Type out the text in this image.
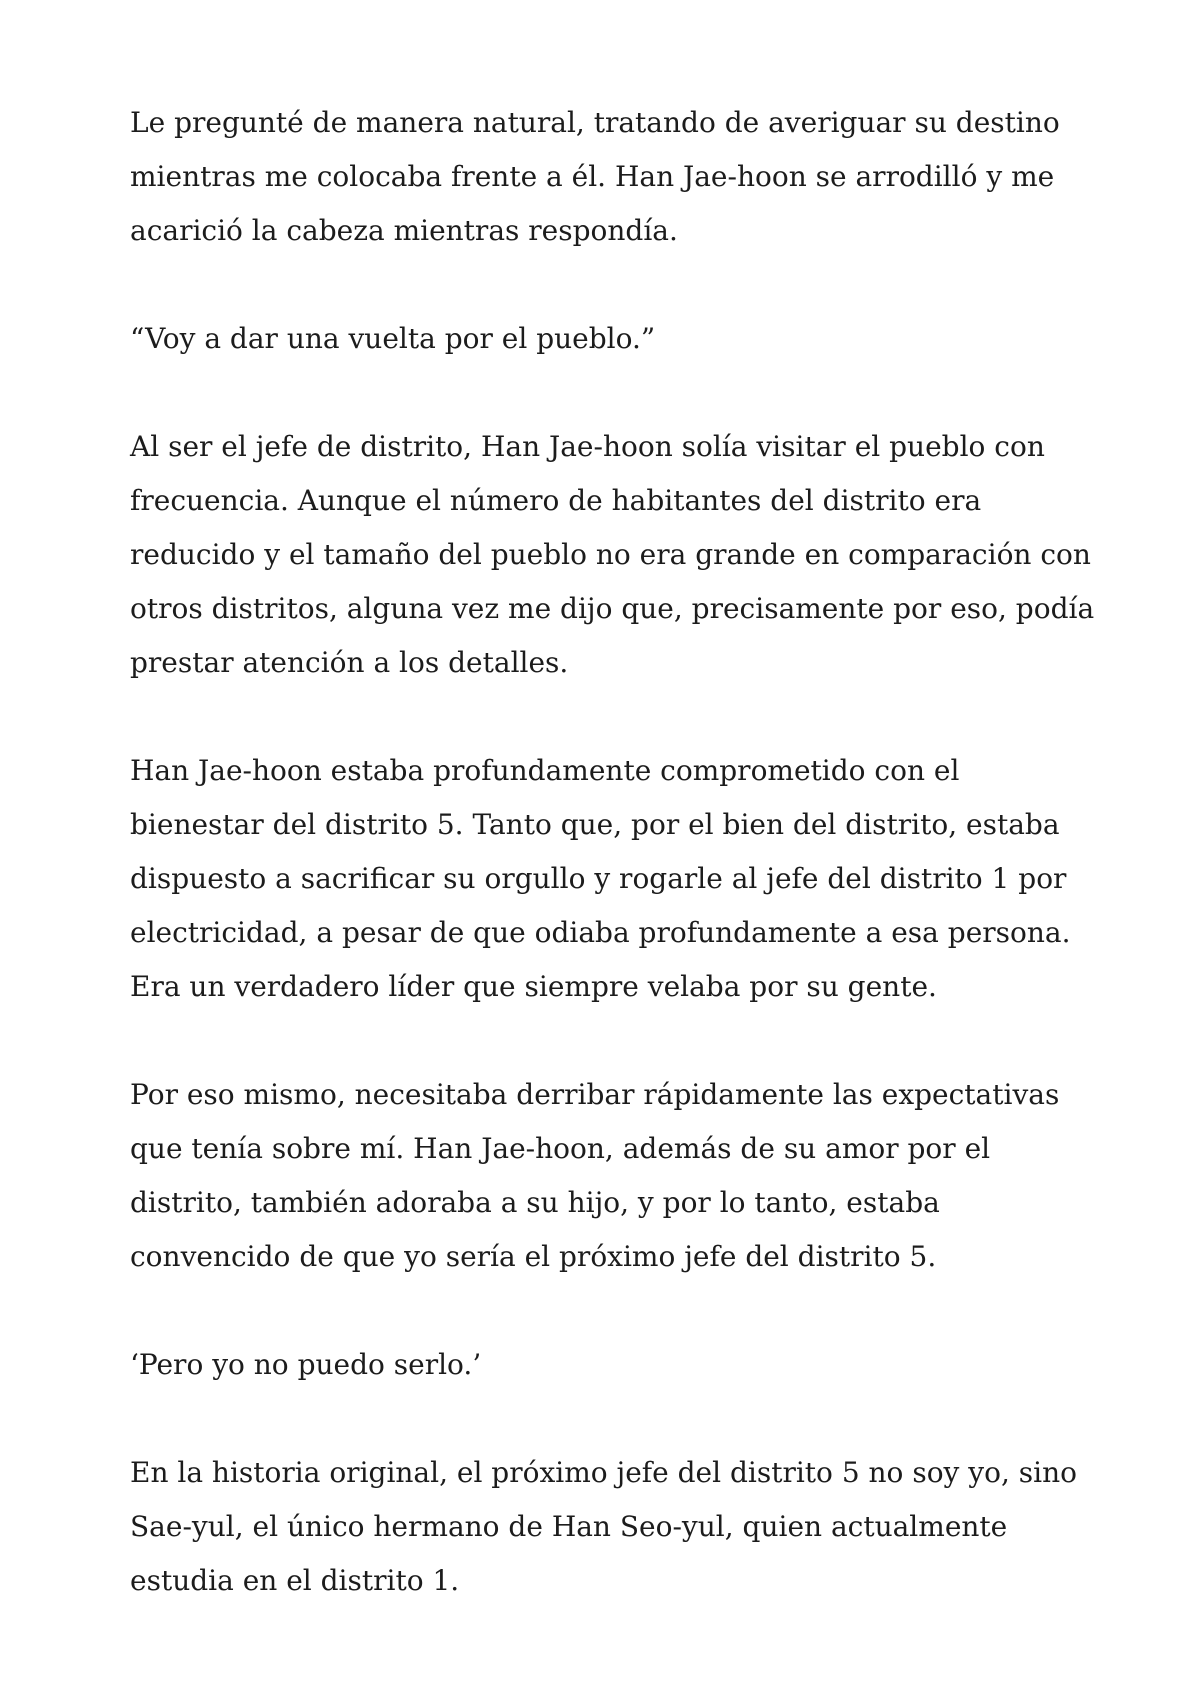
Le pregunté de manera natural, tratando de averiguar su destino
mientras me colocaba frente a él. Han Jae-hoon se arrodilló y me
acarició la cabeza mientras respondía.

“Voy a dar una vuelta por el pueblo.”

Al ser el jefe de distrito, Han Jae-hoon solía visitar el pueblo con
frecuencia. Aunque el número de habitantes del distrito era
reducido y el tamaño del pueblo no era grande en comparación con
otros distritos, alguna vez me dijo que, precisamente por eso, podía
prestar atención a los detalles.

Han Jae-hoon estaba profundamente comprometido con el
bienestar del distrito 5. Tanto que, por el bien del distrito, estaba
dispuesto a sacrificar su orgullo y rogarle al jefe del distrito 1 por
electricidad, a pesar de que odiaba profundamente a esa persona.
Era un verdadero líder que siempre velaba por su gente.

Por eso mismo, necesitaba derribar rápidamente las expectativas
que tenía sobre mí. Han Jae-hoon, además de su amor por el
distrito, también adoraba a su hijo, y por lo tanto, estaba
convencido de que yo sería el próximo jefe del distrito 5.

‘Pero yo no puedo serlo.’

En la historia original, el próximo jefe del distrito 5 no soy yo, sino
Sae-yul, el único hermano de Han Seo-yul, quien actualmente
estudia en el distrito 1.
